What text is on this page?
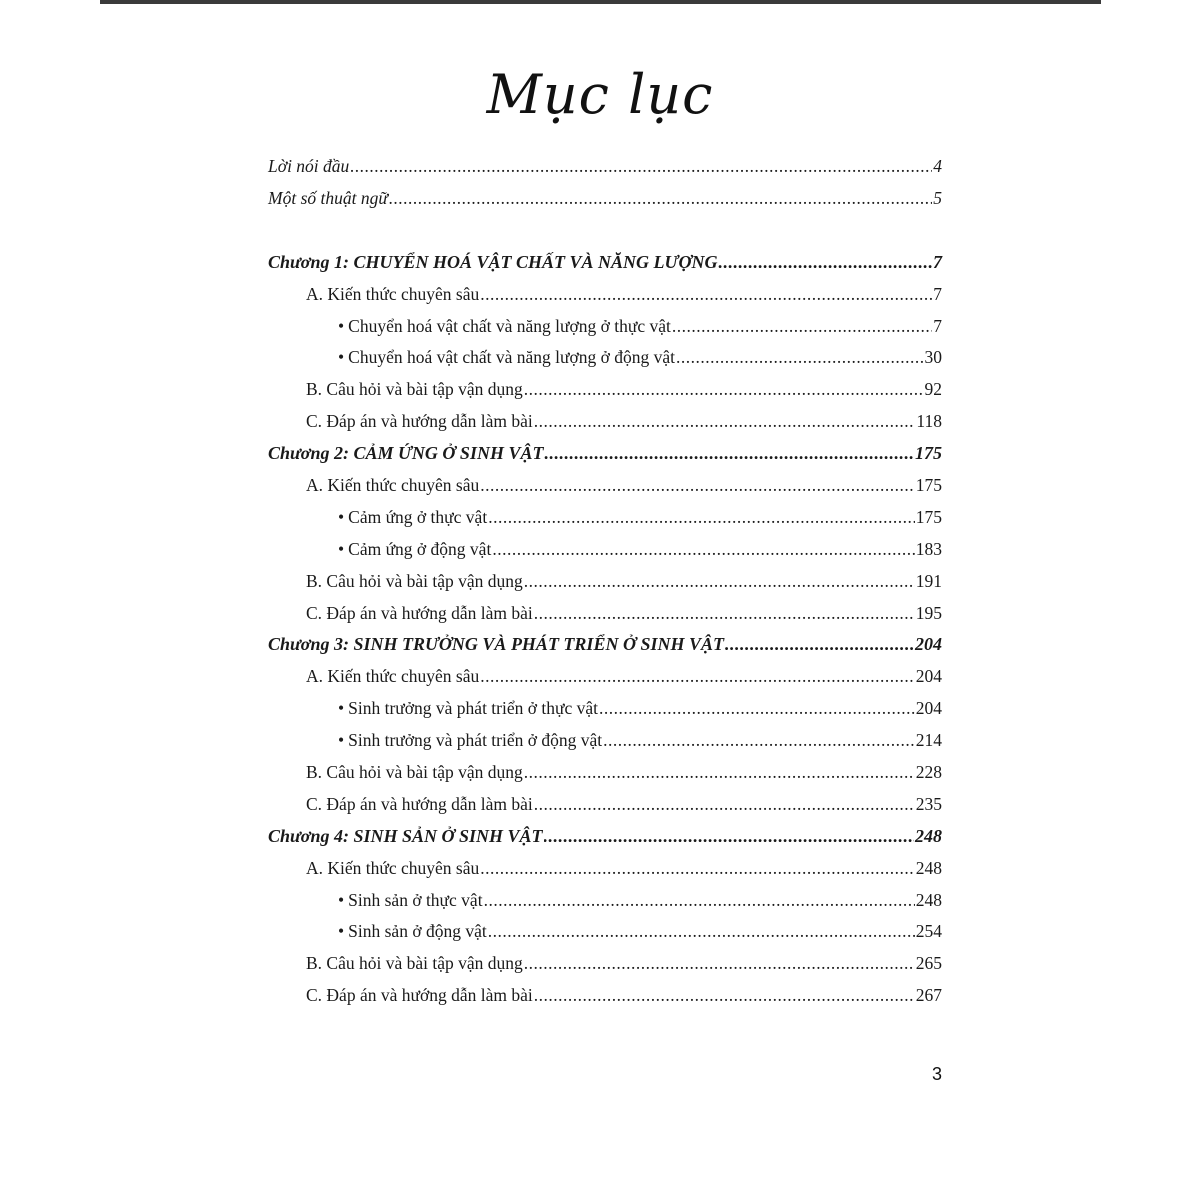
Mục lục
Lời nói đầu .....	4
Một số thuật ngữ .....	5
Chương 1: CHUYỂN HOÁ VẬT CHẤT VÀ NĂNG LƯỢNG .....	7
A. Kiến thức chuyên sâu .....	7
• Chuyển hoá vật chất và năng lượng ở thực vật .....	7
• Chuyển hoá vật chất và năng lượng ở động vật .....	30
B. Câu hỏi và bài tập vận dụng .....	92
C. Đáp án và hướng dẫn làm bài .....	118
Chương 2: CẢM ỨNG Ở SINH VẬT .....	175
A. Kiến thức chuyên sâu .....	175
• Cảm ứng ở thực vật .....	175
• Cảm ứng ở động vật .....	183
B. Câu hỏi và bài tập vận dụng .....	191
C. Đáp án và hướng dẫn làm bài .....	195
Chương 3: SINH TRƯỞNG VÀ PHÁT TRIỂN Ở SINH VẬT .....	204
A. Kiến thức chuyên sâu .....	204
• Sinh trưởng và phát triển ở thực vật .....	204
• Sinh trưởng và phát triển ở động vật .....	214
B. Câu hỏi và bài tập vận dụng .....	228
C. Đáp án và hướng dẫn làm bài .....	235
Chương 4: SINH SẢN Ở SINH VẬT .....	248
A. Kiến thức chuyên sâu .....	248
• Sinh sản ở thực vật .....	248
• Sinh sản ở động vật .....	254
B. Câu hỏi và bài tập vận dụng .....	265
C. Đáp án và hướng dẫn làm bài .....	267
3
